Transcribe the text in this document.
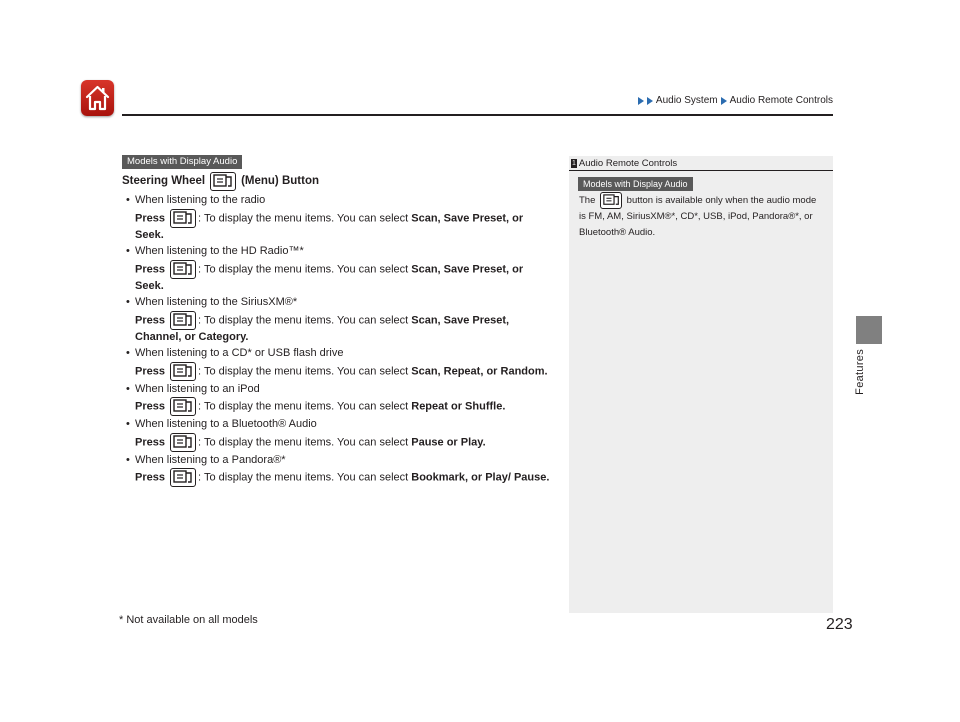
Audio System Audio Remote Controls
Features
Models with Display Audio
Steering Wheel	(Menu) Button
• When listening to the radio
Press	: To display the menu items. You can select Scan, Save Preset, or Seek.
• When listening to the HD Radio™*
Press	: To display the menu items. You can select Scan, Save Preset, or Seek.
• When listening to the SiriusXM®*
Press	: To display the menu items. You can select Scan, Save Preset, Channel, or Category.
• When listening to a CD* or USB flash drive
Press	: To display the menu items. You can select Scan, Repeat, or Random.
• When listening to an iPod
Press	: To display the menu items. You can select Repeat or Shuffle.
• When listening to a Bluetooth® Audio
Press	: To display the menu items. You can select Pause or Play.
• When listening to a Pandora®*
Press	: To display the menu items. You can select Bookmark, or Play/ Pause.
1 Audio Remote Controls
Models with Display Audio
The	button is available only when the audio mode is FM, AM, SiriusXM®*, CD*, USB, iPod, Pandora®*, or Bluetooth® Audio.
* Not available on all models	223
